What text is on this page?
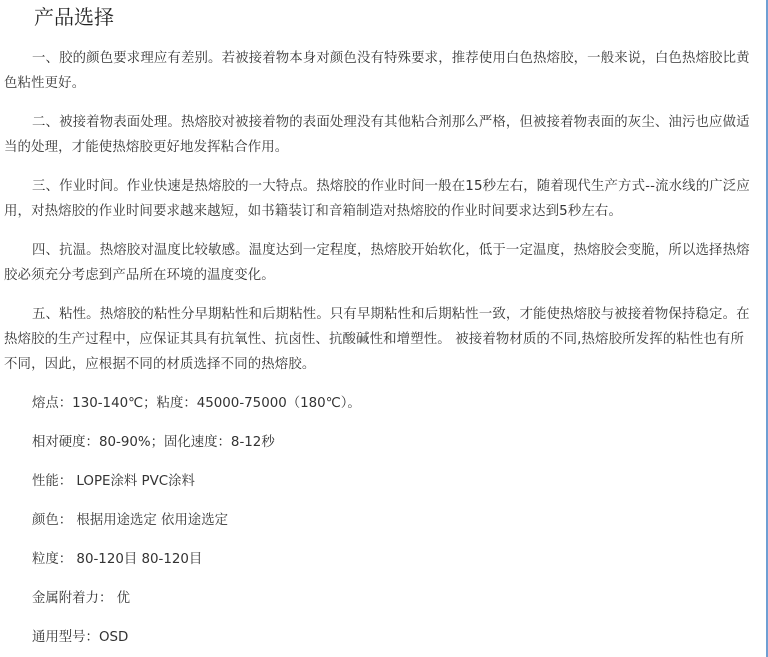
产品选择

一、胶的颜色要求理应有差别。若被接着物本身对颜色没有特殊要求，推荐使用白色热熔胶，一般来说，白色热熔胶比黄色粘性更好。

二、被接着物表面处理。热熔胶对被接着物的表面处理没有其他粘合剂那么严格，但被接着物表面的灰尘、油污也应做适当的处理，才能使热熔胶更好地发挥粘合作用。

三、作业时间。作业快速是热熔胶的一大特点。热熔胶的作业时间一般在15秒左右，随着现代生产方式--流水线的广泛应用，对热熔胶的作业时间要求越来越短，如书籍装订和音箱制造对热熔胶的作业时间要求达到5秒左右。

四、抗温。热熔胶对温度比较敏感。温度达到一定程度，热熔胶开始软化，低于一定温度，热熔胶会变脆，所以选择热熔胶必须充分考虑到产品所在环境的温度变化。

五、粘性。热熔胶的粘性分早期粘性和后期粘性。只有早期粘性和后期粘性一致，才能使热熔胶与被接着物保持稳定。在热熔胶的生产过程中，应保证其具有抗氧性、抗卤性、抗酸碱性和增塑性。 被接着物材质的不同,热熔胶所发挥的粘性也有所不同，因此，应根据不同的材质选择不同的热熔胶。

熔点：130-140℃；粘度：45000-75000（180℃）。

相对硬度：80-90%；固化速度：8-12秒

性能： LOPE涂料 PVC涂料

颜色： 根据用途选定 依用途选定

粒度： 80-120目 80-120目

金属附着力： 优

通用型号：OSD
